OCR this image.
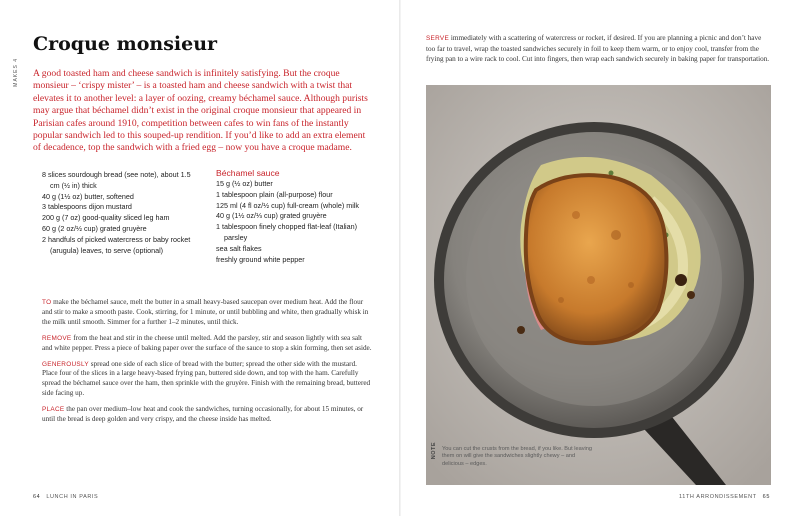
MAKES 4
Croque monsieur

A good toasted ham and cheese sandwich is infinitely satisfying. But the croque monsieur – ‘crispy mister’ – is a toasted ham and cheese sandwich with a twist that elevates it to another level: a layer of oozing, creamy béchamel sauce. Although purists may argue that béchamel didn’t exist in the original croque monsieur that appeared in Parisian cafes around 1910, competition between cafes to win fans of the instantly popular sandwich led to this souped-up rendition. If you’d like to add an extra element of decadence, top the sandwich with a fried egg – now you have a croque madame.

8 slices sourdough bread (see note), about 1.5 cm (½ in) thick
40 g (1½ oz) butter, softened
3 tablespoons dijon mustard
200 g (7 oz) good-quality sliced leg ham
60 g (2 oz/½ cup) grated gruyère
2 handfuls of picked watercress or baby rocket (arugula) leaves, to serve (optional)
Béchamel sauce
15 g (½ oz) butter
1 tablespoon plain (all-purpose) flour
125 ml (4 fl oz/½ cup) full-cream (whole) milk
40 g (1½ oz/⅓ cup) grated gruyère
1 tablespoon finely chopped flat-leaf (Italian) parsley
sea salt flakes
freshly ground white pepper

TO make the béchamel sauce, melt the butter in a small heavy-based saucepan over medium heat. Add the flour and stir to make a smooth paste. Cook, stirring, for 1 minute, or until bubbling and white, then gradually whisk in the milk until smooth. Simmer for a further 1–2 minutes, until thick.

REMOVE from the heat and stir in the cheese until melted. Add the parsley, stir and season lightly with sea salt and white pepper. Press a piece of baking paper over the surface of the sauce to stop a skin forming, then set aside.

GENEROUSLY spread one side of each slice of bread with the butter; spread the other side with the mustard. Place four of the slices in a large heavy-based frying pan, buttered side down, and top with the ham. Carefully spread the béchamel sauce over the ham, then sprinkle with the gruyère. Finish with the remaining bread, buttered side facing up.

PLACE the pan over medium–low heat and cook the sandwiches, turning occasionally, for about 15 minutes, or until the bread is deep golden and very crispy, and the cheese inside has melted.

64 LUNCH IN PARIS

SERVE immediately with a scattering of watercress or rocket, if desired. If you are planning a picnic and don’t have too far to travel, wrap the toasted sandwiches securely in foil to keep them warm, or to enjoy cool, transfer from the frying pan to a wire rack to cool. Cut into fingers, then wrap each sandwich securely in baking paper for transportation.

NOTE You can cut the crusts from the bread, if you like. But leaving them on will give the sandwiches slightly chewy – and delicious – edges.
11TH ARRONDISSEMENT 65
